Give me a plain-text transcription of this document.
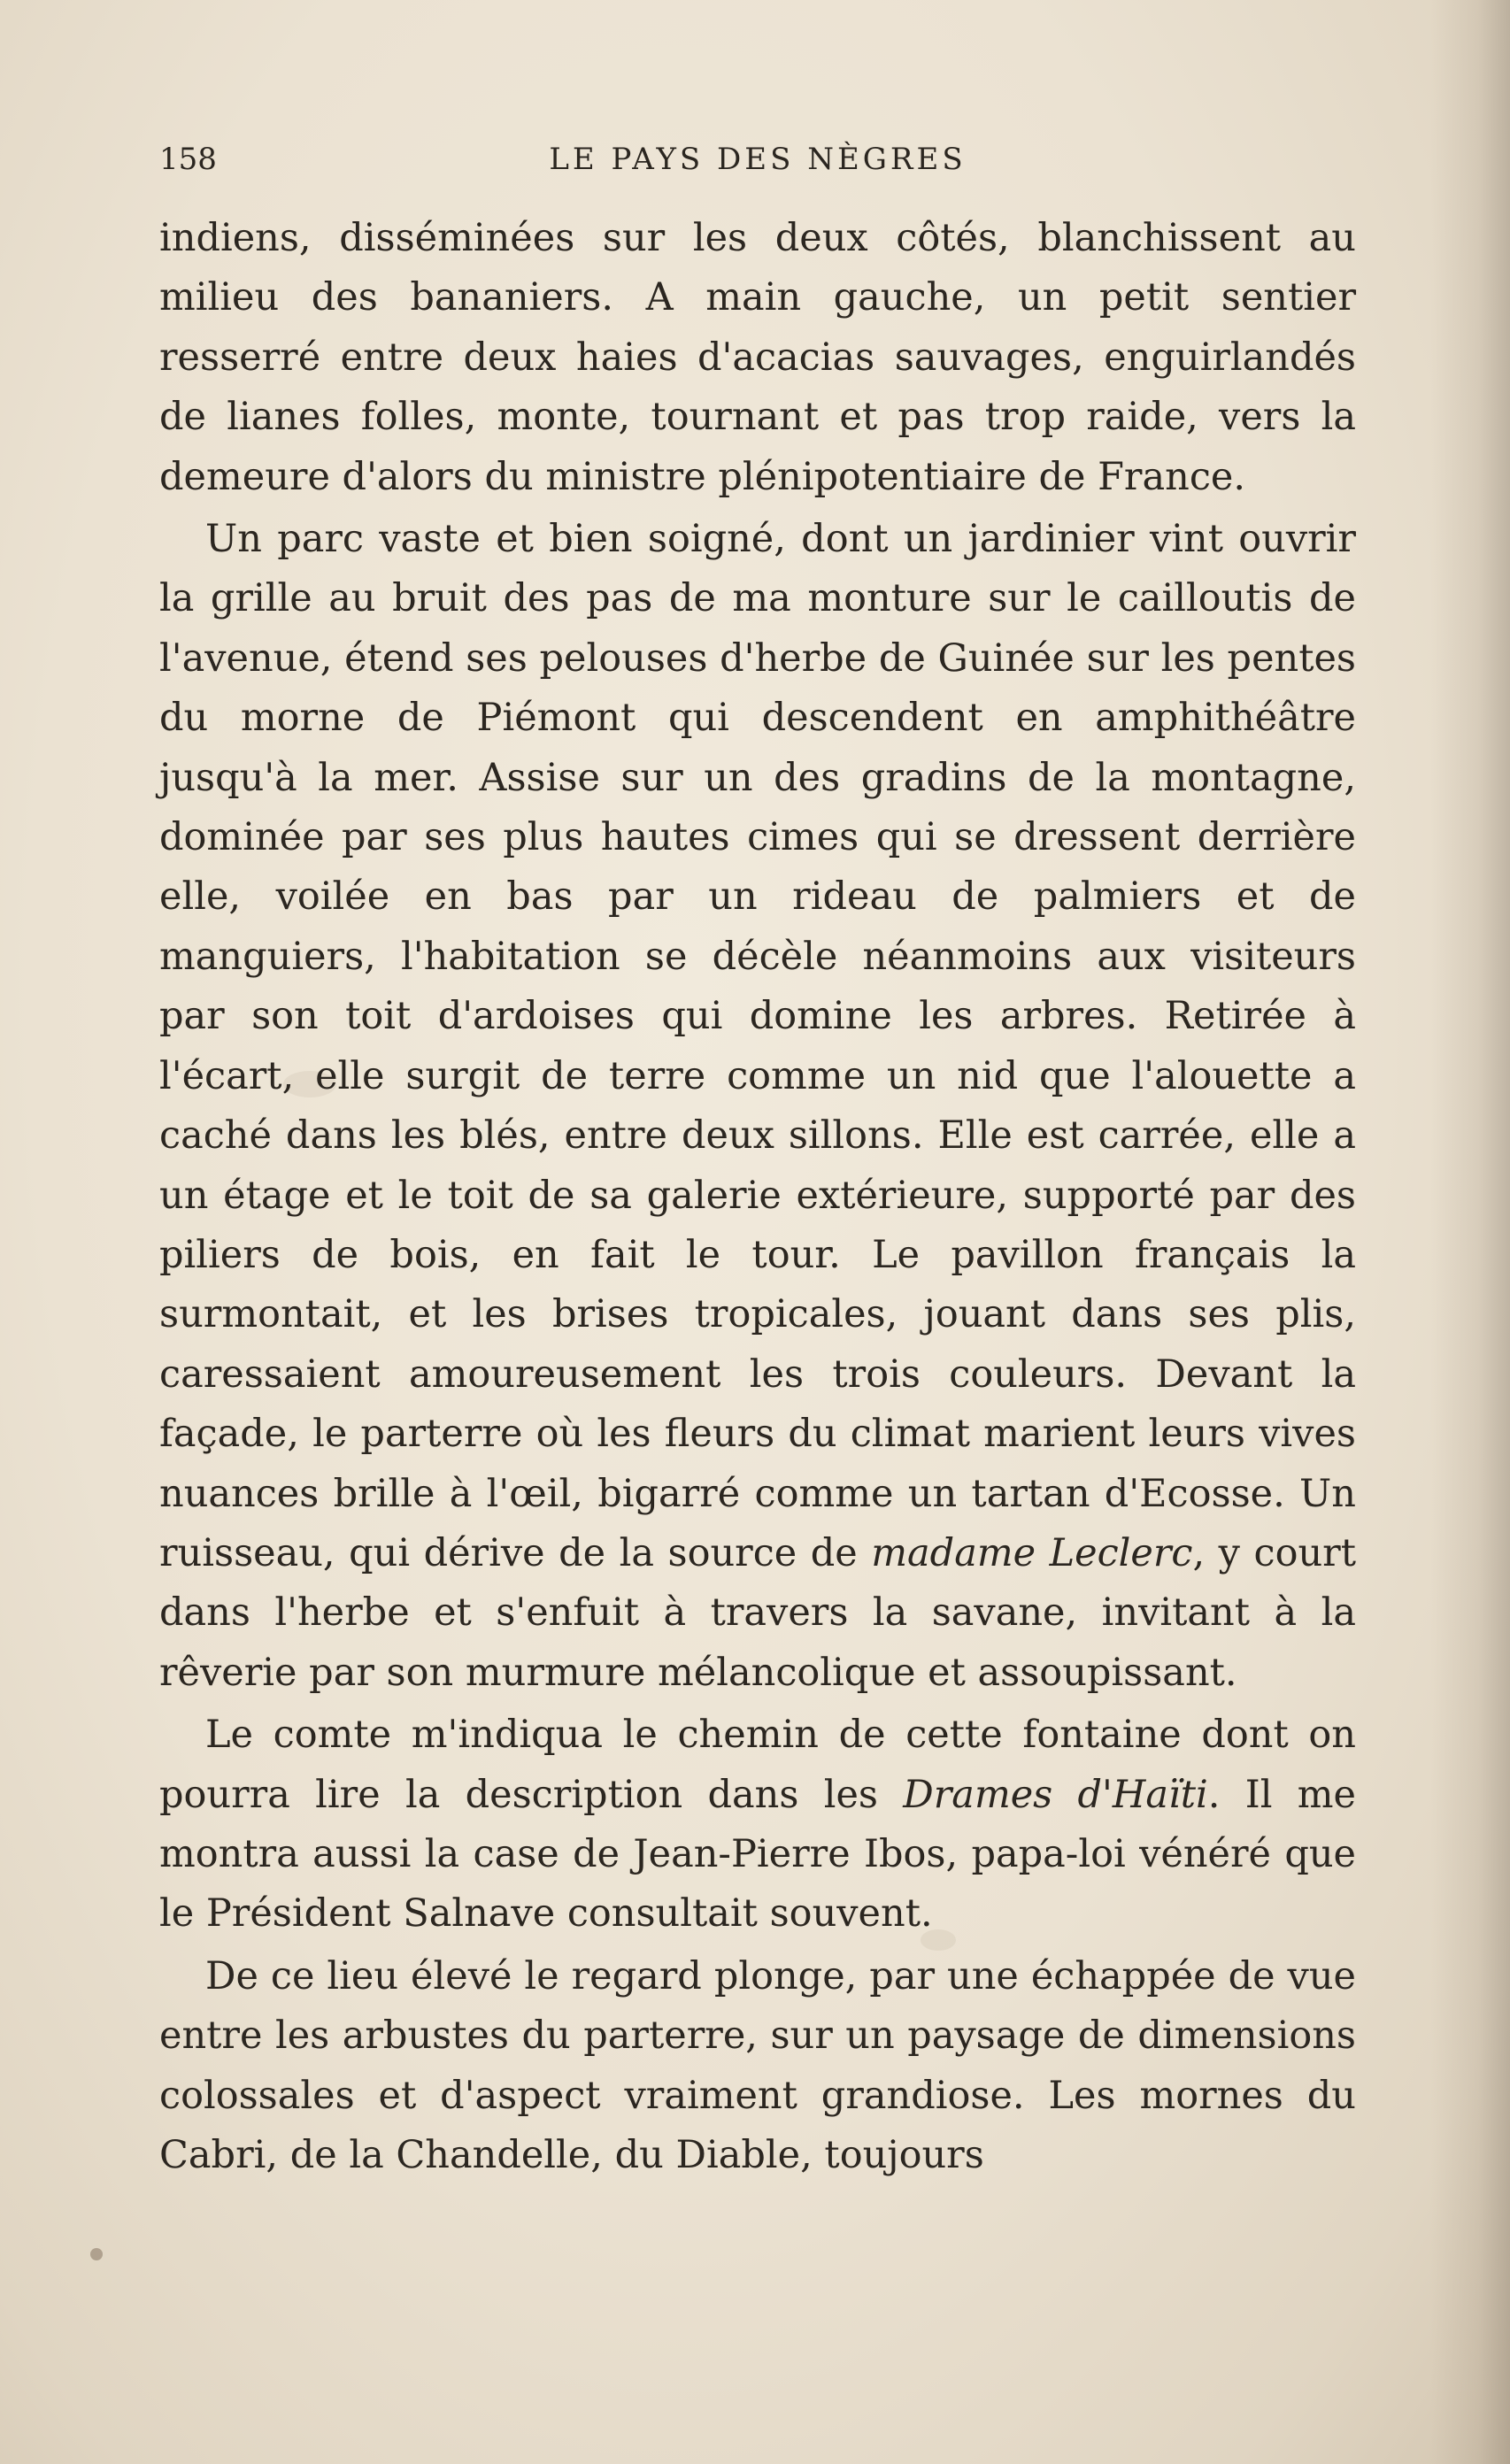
158	LE PAYS DES NÈGRES

indiens, disséminées sur les deux côtés, blanchissent au milieu des bananiers. A main gauche, un petit sentier resserré entre deux haies d'acacias sauvages, enguirlandés de lianes folles, monte, tournant et pas trop raide, vers la demeure d'alors du ministre plénipotentiaire de France.

Un parc vaste et bien soigné, dont un jardinier vint ouvrir la grille au bruit des pas de ma monture sur le cailloutis de l'avenue, étend ses pelouses d'herbe de Guinée sur les pentes du morne de Piémont qui descendent en amphithéâtre jusqu'à la mer. Assise sur un des gradins de la montagne, dominée par ses plus hautes cimes qui se dressent derrière elle, voilée en bas par un rideau de palmiers et de manguiers, l'habitation se décèle néanmoins aux visiteurs par son toit d'ardoises qui domine les arbres. Retirée à l'écart, elle surgit de terre comme un nid que l'alouette a caché dans les blés, entre deux sillons. Elle est carrée, elle a un étage et le toit de sa galerie extérieure, supporté par des piliers de bois, en fait le tour. Le pavillon français la surmontait, et les brises tropicales, jouant dans ses plis, caressaient amoureusement les trois couleurs. Devant la façade, le parterre où les fleurs du climat marient leurs vives nuances brille à l'œil, bigarré comme un tartan d'Ecosse. Un ruisseau, qui dérive de la source de madame Leclerc, y court dans l'herbe et s'enfuit à travers la savane, invitant à la rêverie par son murmure mélancolique et assoupissant.

Le comte m'indiqua le chemin de cette fontaine dont on pourra lire la description dans les Drames d'Haïti. Il me montra aussi la case de Jean-Pierre Ibos, papa-loi vénéré que le Président Salnave consultait souvent.

De ce lieu élevé le regard plonge, par une échappée de vue entre les arbustes du parterre, sur un paysage de dimensions colossales et d'aspect vraiment grandiose. Les mornes du Cabri, de la Chandelle, du Diable, toujours
